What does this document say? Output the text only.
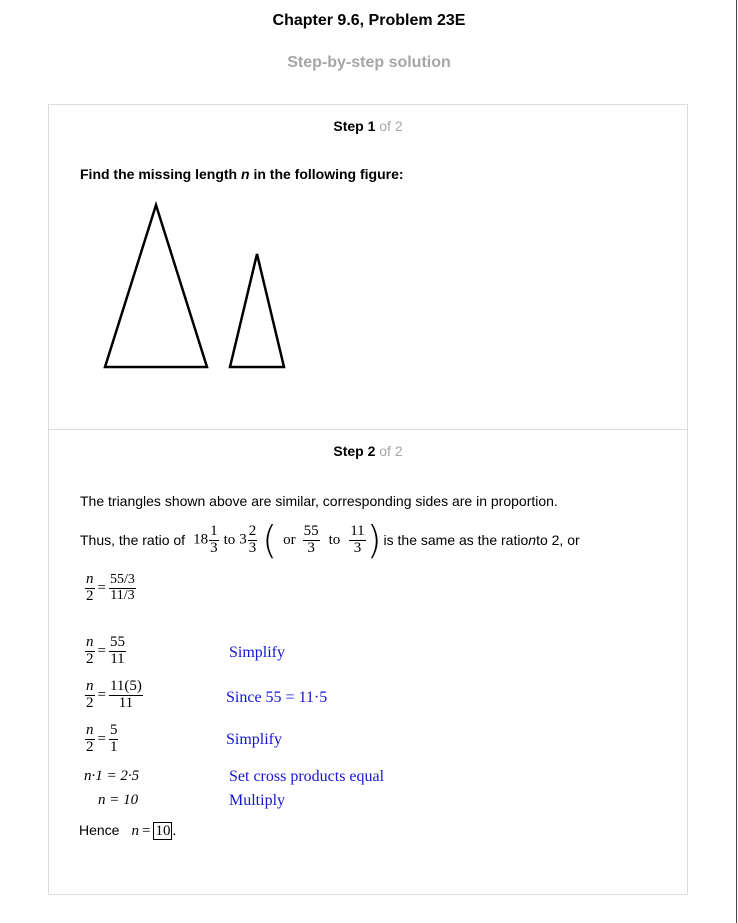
Chapter 9.6, Problem 23E
Step-by-step solution
Step 1 of 2
Find the missing length n in the following figure:
Step 2 of 2
The triangles shown above are similar, corresponding sides are in proportion.
Thus, the ratio of $18 \frac{1}{3}$ to $3 \frac{2}{3}$ ( or $\frac{55}{3}$ to $\frac{11}{3}$ ) is the same as the ratio n to 2, or
$\frac{n}{2} = \frac{55/3}{11/3}$
$\frac{n}{2} = \frac{55}{11}$	Simplify
$\frac{n}{2} = \frac{11(5)}{11}$	Since 55 = 11·5
$\frac{n}{2} = \frac{5}{1}$	Simplify
n·1 = 2·5	Set cross products equal
n = 10	Multiply
Hence n = 10 .
